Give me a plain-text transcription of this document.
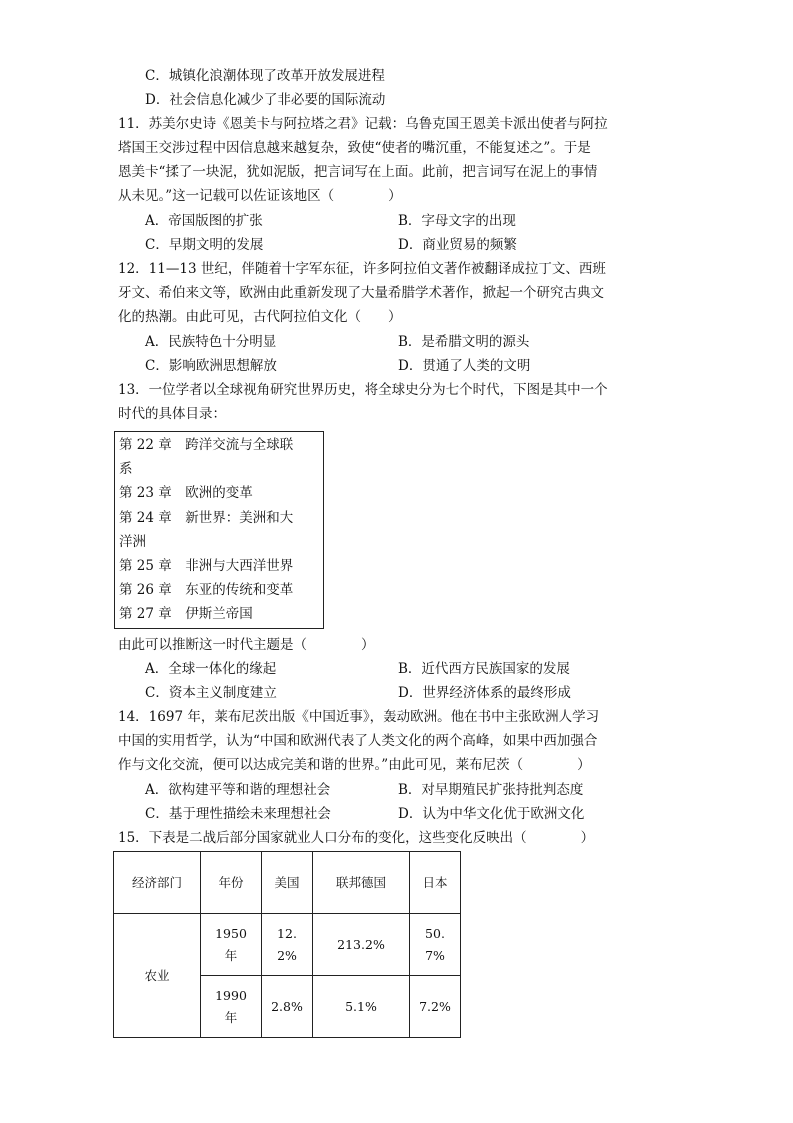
C．城镇化浪潮体现了改革开放发展进程
D．社会信息化减少了非必要的国际流动
11．苏美尔史诗《恩美卡与阿拉塔之君》记载：乌鲁克国王恩美卡派出使者与阿拉
塔国王交涉过程中因信息越来越复杂，致使“使者的嘴沉重，不能复述之”。于是
恩美卡“揉了一块泥，犹如泥版，把言词写在上面。此前，把言词写在泥上的事情
从未见。”这一记载可以佐证该地区（　　　　）
A．帝国版图的扩张	B．字母文字的出现
C．早期文明的发展	D．商业贸易的频繁
12．11—13 世纪，伴随着十字军东征，许多阿拉伯文著作被翻译成拉丁文、西班
牙文、希伯来文等，欧洲由此重新发现了大量希腊学术著作，掀起一个研究古典文
化的热潮。由此可见，古代阿拉伯文化（　　）
A．民族特色十分明显	B．是希腊文明的源头
C．影响欧洲思想解放	D．贯通了人类的文明
13．一位学者以全球视角研究世界历史，将全球史分为七个时代，下图是其中一个
时代的具体目录：
第 22 章　跨洋交流与全球联
系
第 23 章　欧洲的变革
第 24 章　新世界：美洲和大
洋洲
第 25 章　非洲与大西洋世界
第 26 章　东亚的传统和变革
第 27 章　伊斯兰帝国
由此可以推断这一时代主题是（　　　　）
A．全球一体化的缘起	B．近代西方民族国家的发展
C．资本主义制度建立	D．世界经济体系的最终形成
14．1697 年，莱布尼茨出版《中国近事》，轰动欧洲。他在书中主张欧洲人学习
中国的实用哲学，认为“中国和欧洲代表了人类文化的两个高峰，如果中西加强合
作与文化交流，便可以达成完美和谐的世界。”由此可见，莱布尼茨（　　　　）
A．欲构建平等和谐的理想社会	B．对早期殖民扩张持批判态度
C．基于理性描绘未来理想社会	D．认为中华文化优于欧洲文化
15．下表是二战后部分国家就业人口分布的变化，这些变化反映出（　　　　）
经济部门	年份	美国	联邦德国	日本
农业	1950 年	12.2%	213.2%	50.7%
	1990 年	2.8%	5.1%	7.2%
